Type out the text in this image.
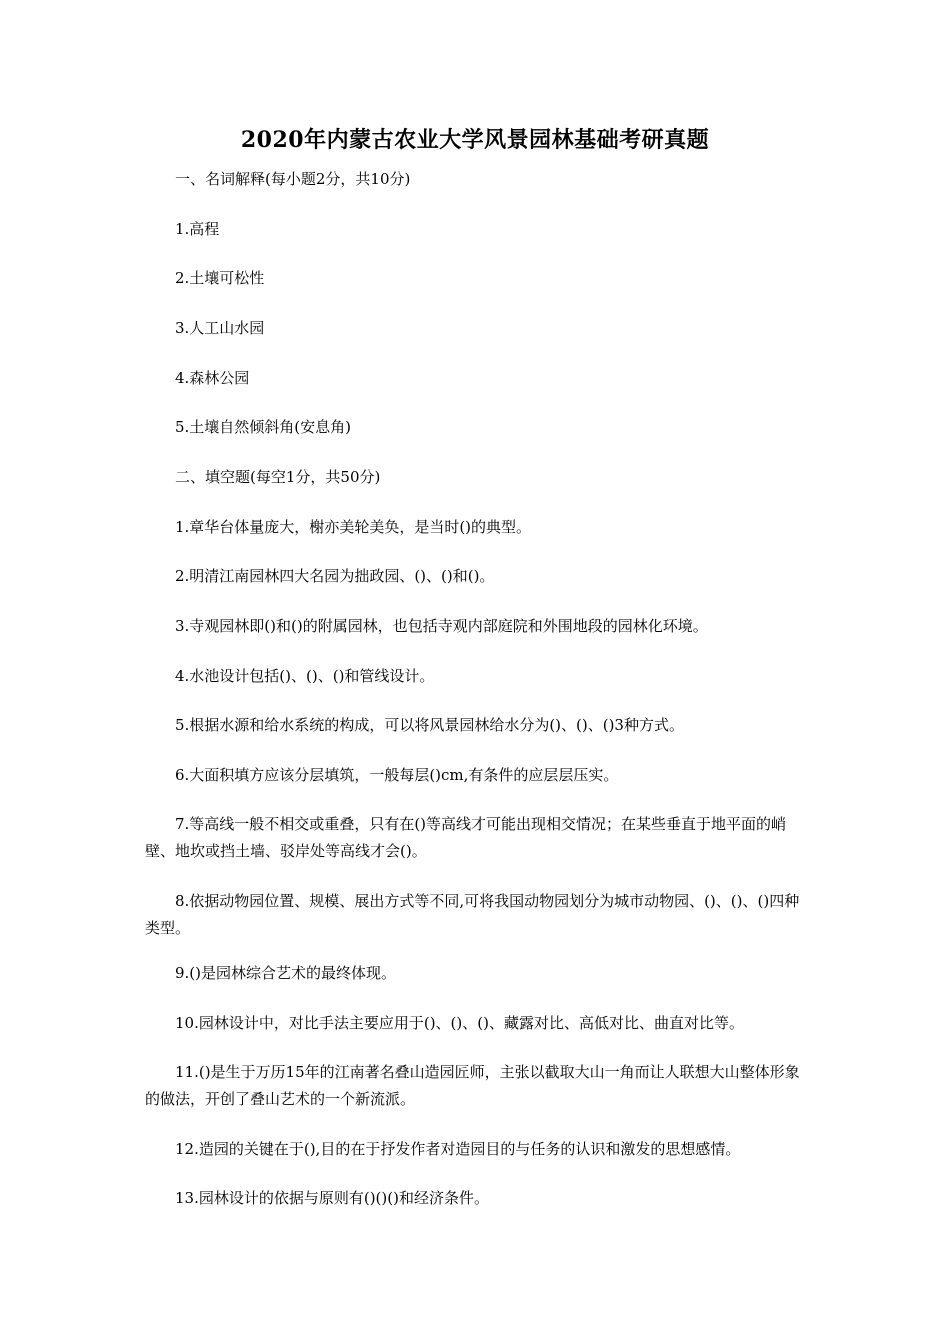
2020年内蒙古农业大学风景园林基础考研真题
一、名词解释(每小题2分，共10分)
1.高程
2.土壤可松性
3.人工山水园
4.森林公园
5.土壤自然倾斜角(安息角)
二、填空题(每空1分，共50分)
1.章华台体量庞大，榭亦美轮美奂，是当时()的典型。
2.明清江南园林四大名园为拙政园、()、()和()。
3.寺观园林即()和()的附属园林，也包括寺观内部庭院和外围地段的园林化环境。
4.水池设计包括()、()、()和管线设计。
5.根据水源和给水系统的构成，可以将风景园林给水分为()、()、()3种方式。
6.大面积填方应该分层填筑，一般每层()cm,有条件的应层层压实。
7.等高线一般不相交或重叠，只有在()等高线才可能出现相交情况；在某些垂直于地平面的峭壁、地坎或挡土墙、驳岸处等高线才会()。
8.依据动物园位置、规模、展出方式等不同,可将我国动物园划分为城市动物园、()、()、()四种类型。
9.()是园林综合艺术的最终体现。
10.园林设计中，对比手法主要应用于()、()、()、藏露对比、高低对比、曲直对比等。
11.()是生于万历15年的江南著名叠山造园匠师，主张以截取大山一角而让人联想大山整体形象的做法，开创了叠山艺术的一个新流派。
12.造园的关键在于(),目的在于抒发作者对造园目的与任务的认识和激发的思想感情。
13.园林设计的依据与原则有()()()和经济条件。
